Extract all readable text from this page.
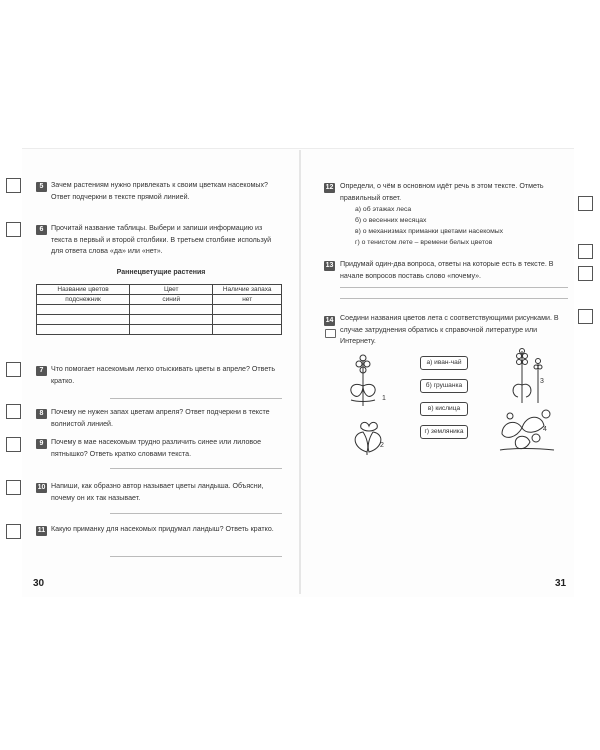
5	Зачем растениям нужно привлекать к своим цветкам насекомых? Ответ подчеркни в тексте прямой линией.
6	Прочитай название таблицы. Выбери и запиши информацию из текста в первый и второй столбики. В третьем столбике используй для ответа слова «да» или «нет».
Раннецветущие растения
Название цветов	Цвет	Наличие запаха
подснежник	синий	нет

7	Что помогает насекомым легко отыскивать цветы в апреле? Ответь кратко.
8	Почему не нужен запах цветам апреля? Ответ подчеркни в тексте волнистой линией.
9	Почему в мае насекомым трудно различить синее или лиловое пятнышко? Ответь кратко словами текста.
10 Напиши, как образно автор называет цветы ландыша. Объясни, почему он их так называет.
11 Какую приманку для насекомых придумал ландыш? Ответь кратко.
30
12 Определи, о чём в основном идёт речь в этом тексте. Отметь правильный ответ.
а) об этажах леса
б) о весенних месяцах
в) о механизмах приманки цветами насекомых
г) о тенистом лете – времени белых цветов
13 Придумай один-два вопроса, ответы на которые есть в тексте. В начале вопросов поставь слово «почему».
14 Соедини названия цветов лета с соответствующими рисунками. В случае затруднения обратись к справочной литературе или Интернету.
а) иван-чай
б) грушанка
в) кислица
г) земляника
1
2
3
4
31
